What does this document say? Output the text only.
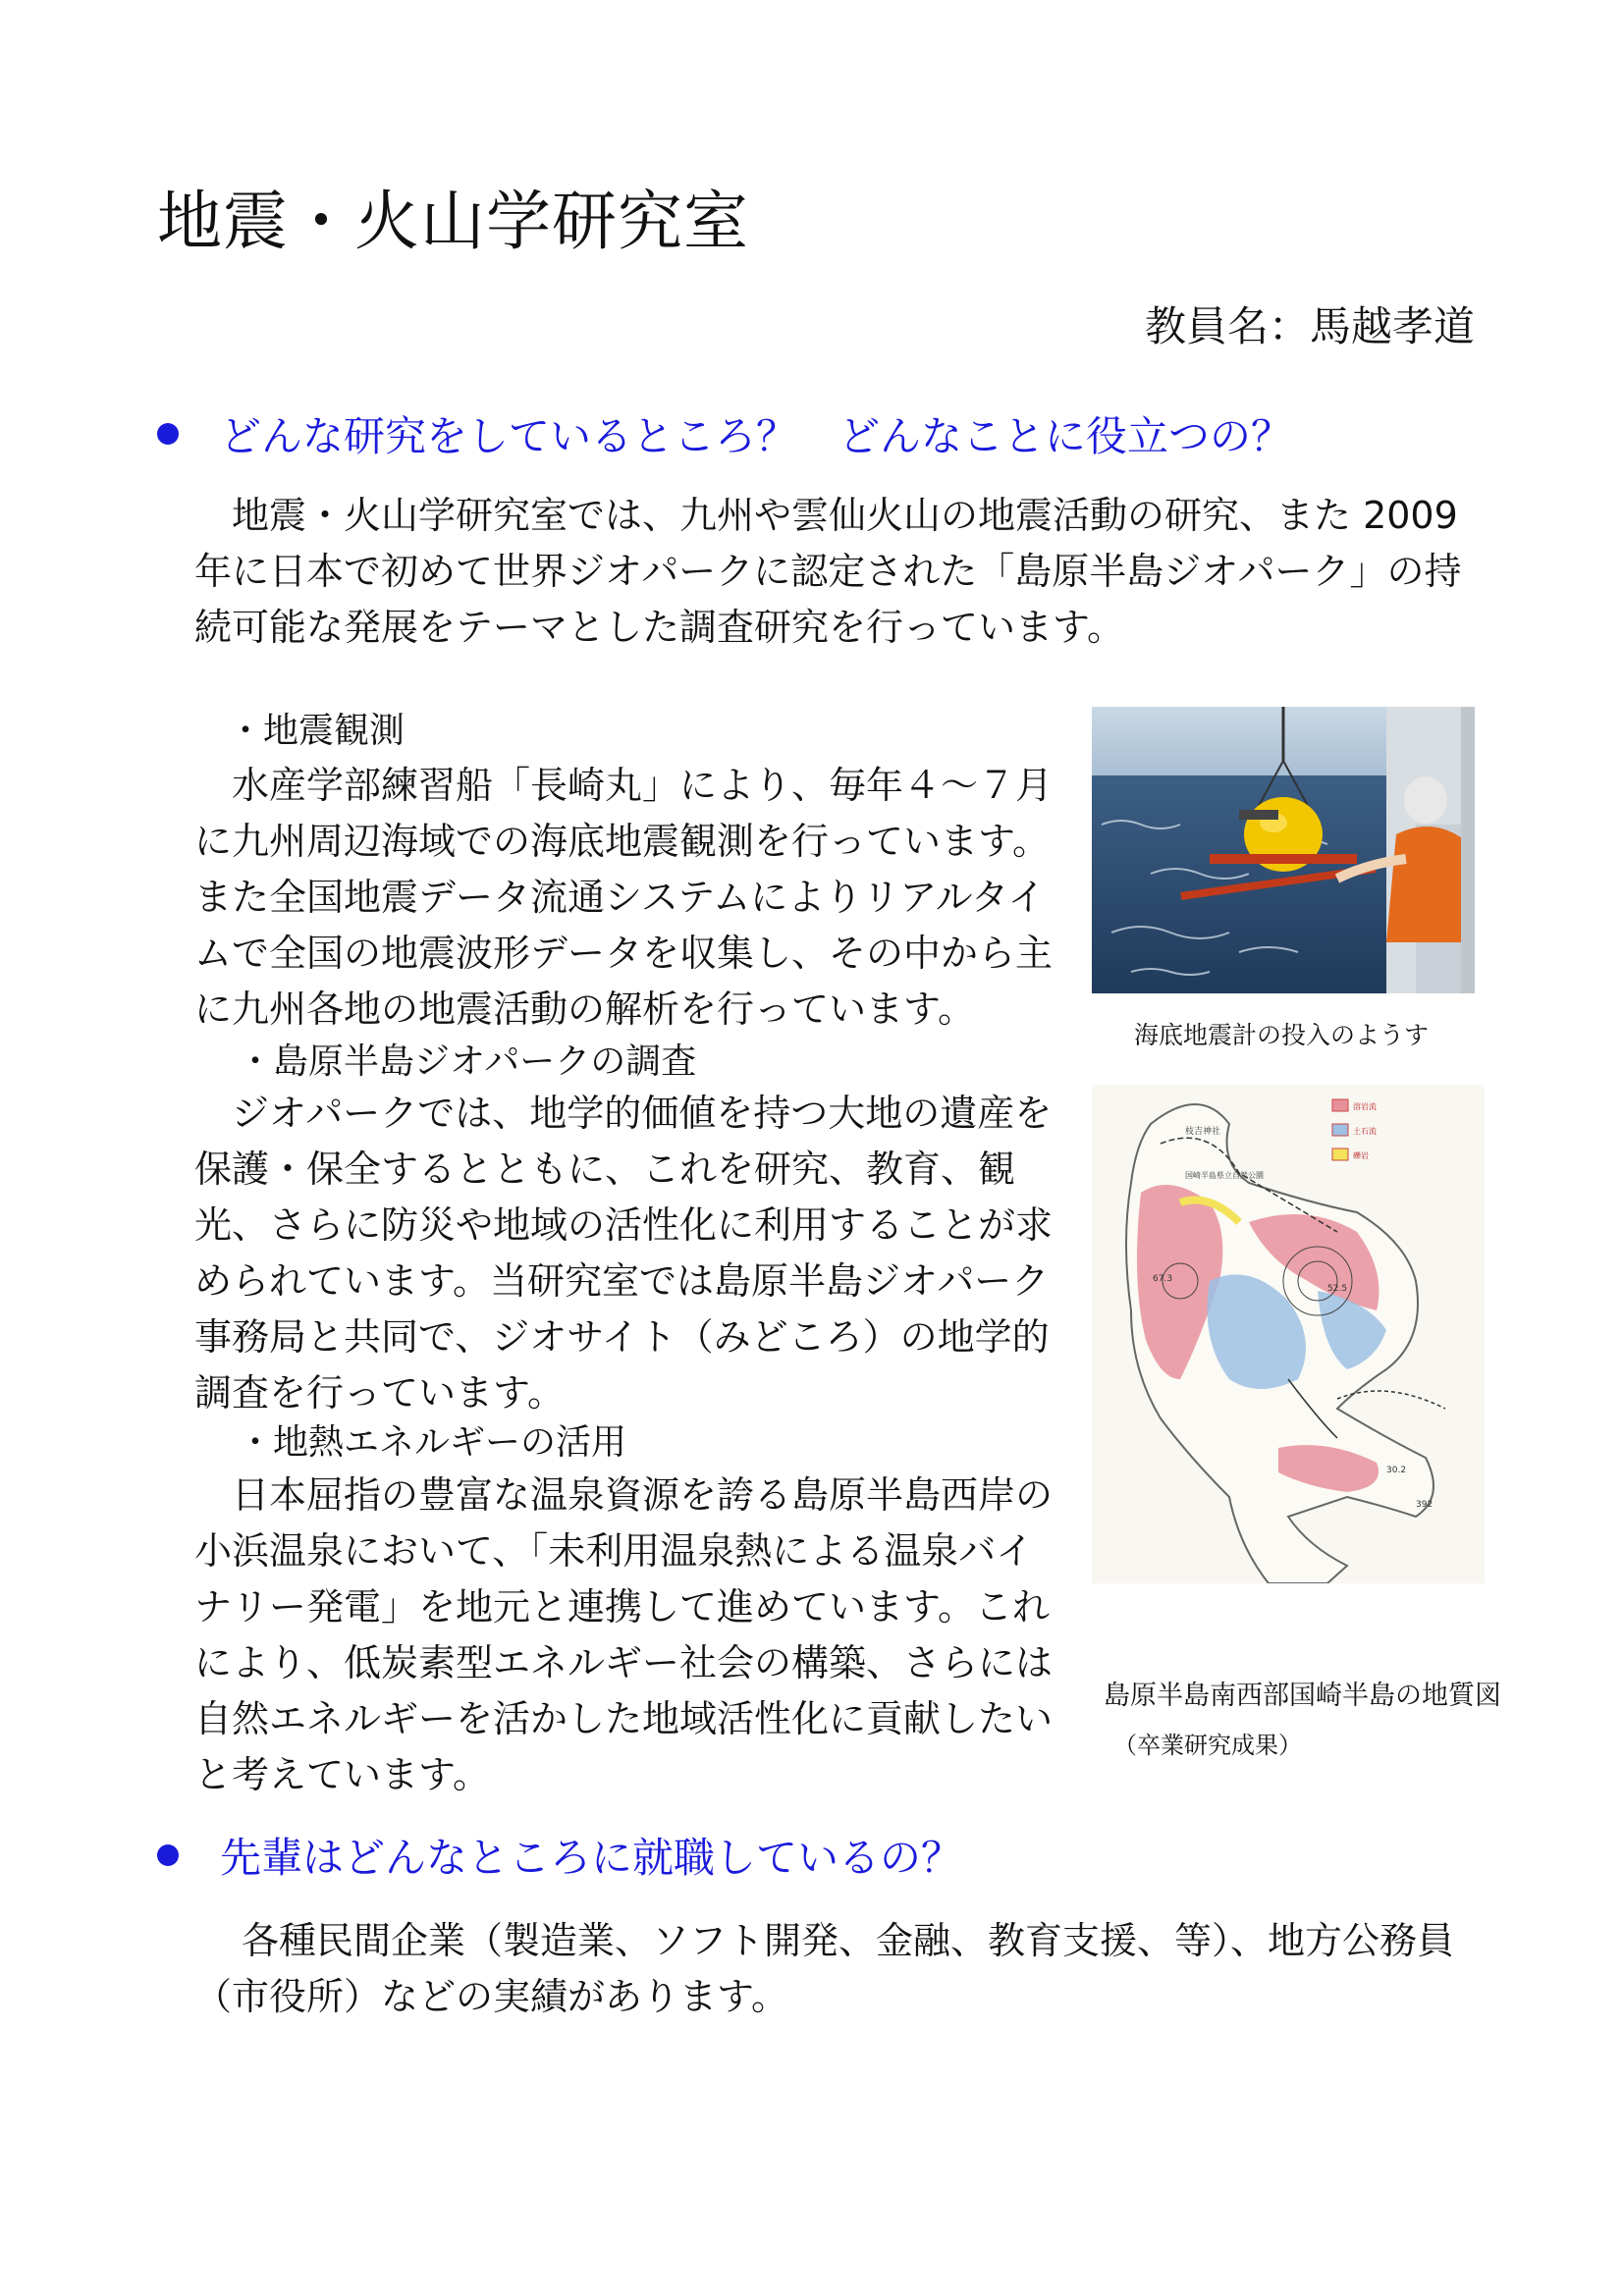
地震・火山学研究室
教員名：馬越孝道
どんな研究をしているところ？　どんなことに役立つの？

地震・火山学研究室では、九州や雲仙火山の地震活動の研究、また 2009 年に日本で初めて世界ジオパークに認定された「島原半島ジオパーク」の持続可能な発展をテーマとした調査研究を行っています。

・地震観測

水産学部練習船「長崎丸」により、毎年４〜７月に九州周辺海域での海底地震観測を行っています。また全国地震データ流通システムによりリアルタイムで全国の地震波形データを収集し、その中から主に九州各地の地震活動の解析を行っています。

・島原半島ジオパークの調査

ジオパークでは、地学的価値を持つ大地の遺産を保護・保全するとともに、これを研究、教育、観光、さらに防災や地域の活性化に利用することが求められています。当研究室では島原半島ジオパーク事務局と共同で、ジオサイト（みどころ）の地学的調査を行っています。

・地熱エネルギーの活用

日本屈指の豊富な温泉資源を誇る島原半島西岸の小浜温泉において、「未利用温泉熱による温泉バイナリー発電」を地元と連携して進めています。これにより、低炭素型エネルギー社会の構築、さらには自然エネルギーを活かした地域活性化に貢献したいと考えています。

海底地震計の投入のようす
溶岩流
土石流
礫岩
枝吉神社
国崎半島県立自然公園
67.3
52.5
30.2
392
島原半島南西部国崎半島の地質図
（卒業研究成果）
先輩はどんなところに就職しているの？

各種民間企業（製造業、ソフト開発、金融、教育支援、等）、地方公務員（市役所）などの実績があります。
